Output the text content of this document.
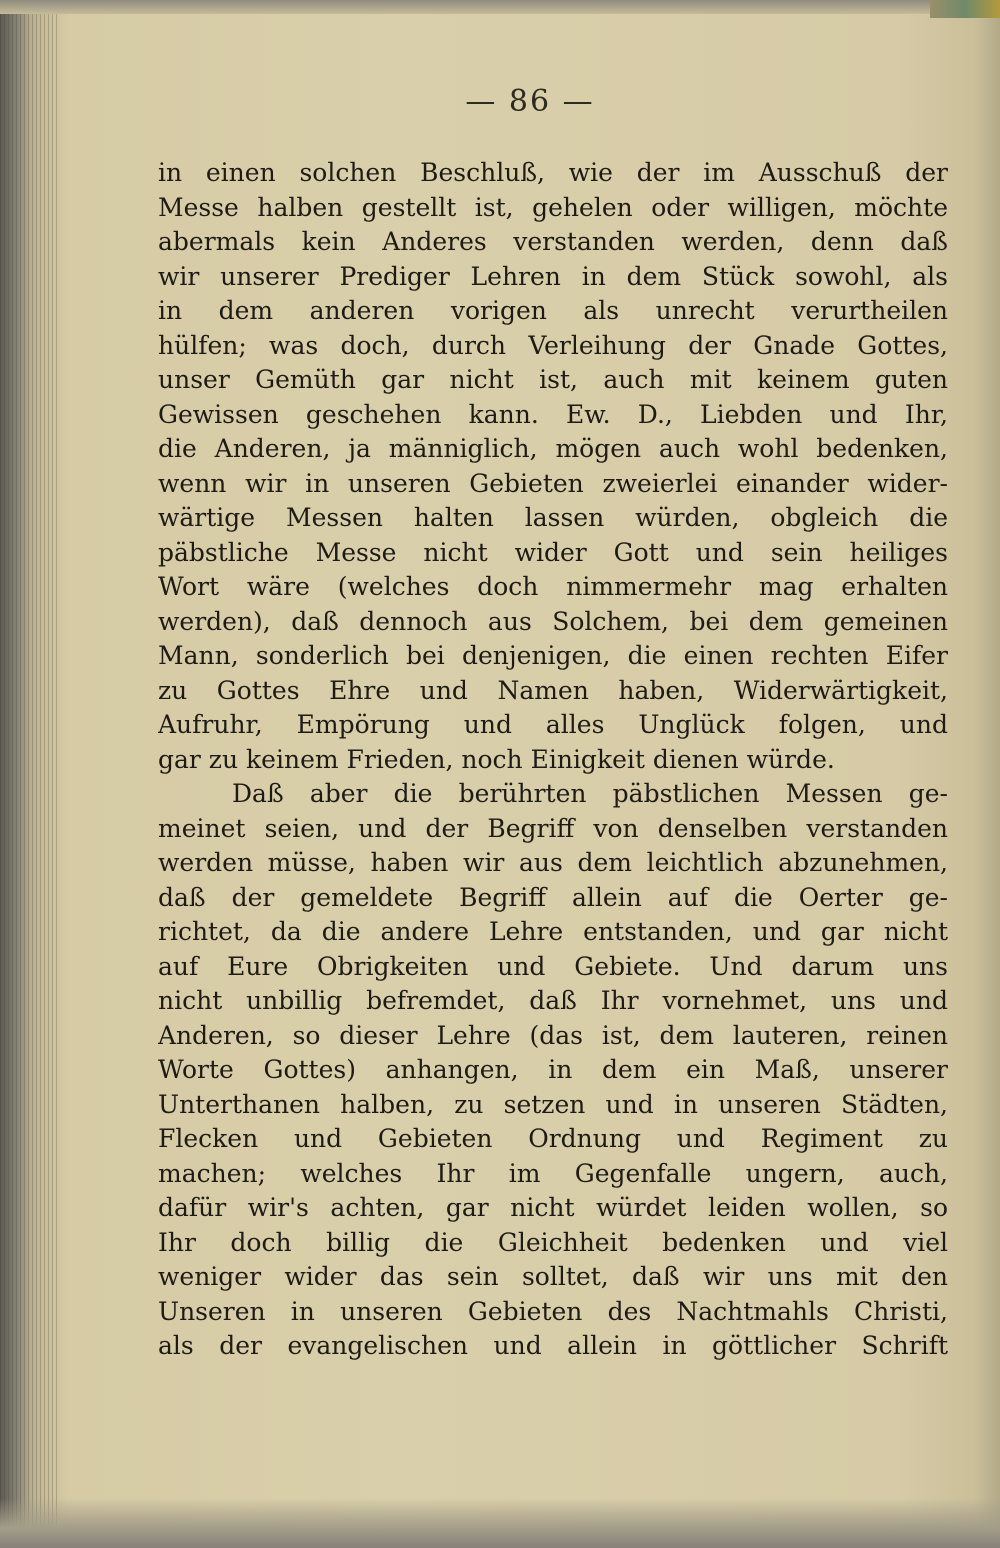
— 86 —
in einen solchen Beschluß, wie der im Ausschuß der
Messe halben gestellt ist, gehelen oder willigen, möchte
abermals kein Anderes verstanden werden, denn daß
wir unserer Prediger Lehren in dem Stück sowohl, als
in dem anderen vorigen als unrecht verurtheilen
hülfen; was doch, durch Verleihung der Gnade Gottes,
unser Gemüth gar nicht ist, auch mit keinem guten
Gewissen geschehen kann. Ew. D., Liebden und Ihr,
die Anderen, ja männiglich, mögen auch wohl bedenken,
wenn wir in unseren Gebieten zweierlei einander wider-
wärtige Messen halten lassen würden, obgleich die
päbstliche Messe nicht wider Gott und sein heiliges
Wort wäre (welches doch nimmermehr mag erhalten
werden), daß dennoch aus Solchem, bei dem gemeinen
Mann, sonderlich bei denjenigen, die einen rechten Eifer
zu Gottes Ehre und Namen haben, Widerwärtigkeit,
Aufruhr, Empörung und alles Unglück folgen, und
gar zu keinem Frieden, noch Einigkeit dienen würde.
Daß aber die berührten päbstlichen Messen ge-
meinet seien, und der Begriff von denselben verstanden
werden müsse, haben wir aus dem leichtlich abzunehmen,
daß der gemeldete Begriff allein auf die Oerter ge-
richtet, da die andere Lehre entstanden, und gar nicht
auf Eure Obrigkeiten und Gebiete. Und darum uns
nicht unbillig befremdet, daß Ihr vornehmet, uns und
Anderen, so dieser Lehre (das ist, dem lauteren, reinen
Worte Gottes) anhangen, in dem ein Maß, unserer
Unterthanen halben, zu setzen und in unseren Städten,
Flecken und Gebieten Ordnung und Regiment zu
machen; welches Ihr im Gegenfalle ungern, auch,
dafür wir's achten, gar nicht würdet leiden wollen, so
Ihr doch billig die Gleichheit bedenken und viel
weniger wider das sein solltet, daß wir uns mit den
Unseren in unseren Gebieten des Nachtmahls Christi,
als der evangelischen und allein in göttlicher Schrift
